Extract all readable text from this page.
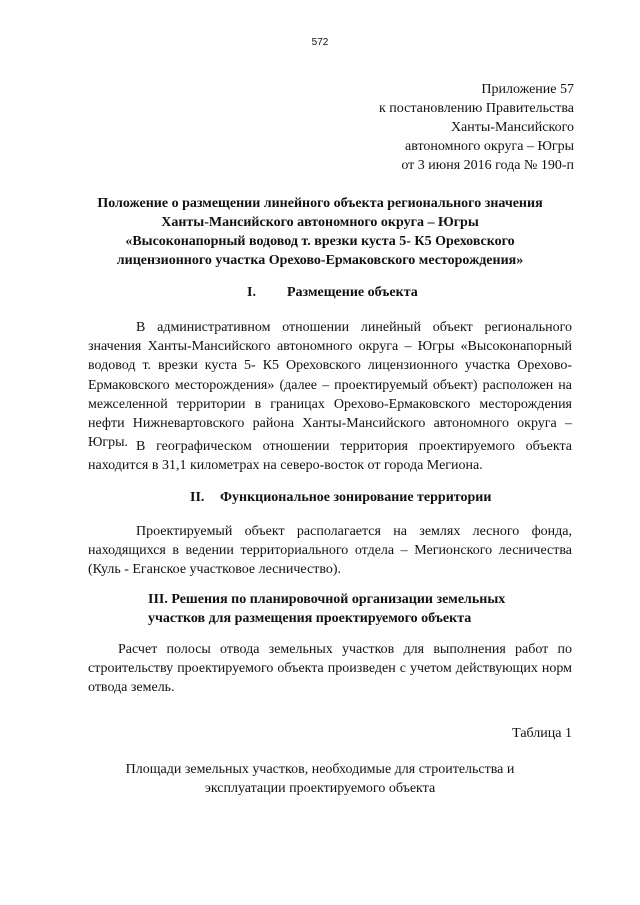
572
Приложение 57
к постановлению Правительства
Ханты-Мансийского
автономного округа – Югры
от 3 июня 2016 года № 190-п
Положение о размещении линейного объекта регионального значения
Ханты-Мансийского автономного округа – Югры
«Высоконапорный водовод т. врезки куста 5- К5 Ореховского
лицензионного участка Орехово-Ермаковского месторождения»
I. Размещение объекта

В административном отношении линейный объект регионального значения Ханты-Мансийского автономного округа – Югры «Высоконапорный водовод т. врезки куста 5- К5 Ореховского лицензионного участка Орехово-Ермаковского месторождения» (далее – проектируемый объект) расположен на межселенной территории в границах Орехово-Ермаковского месторождения нефти Нижневартовского района Ханты-Мансийского автономного округа – Югры. В географическом отношении территория проектируемого объекта находится в 31,1 километрах на северо-восток от города Мегиона.

II. Функциональное зонирование территории

Проектируемый объект располагается на землях лесного фонда, находящихся в ведении территориального отдела – Мегионского лесничества (Куль - Еганское участковое лесничество).

III. Решения по планировочной организации земельных
участков для размещения проектируемого объекта

Расчет полосы отвода земельных участков для выполнения работ по строительству проектируемого объекта произведен с учетом действующих норм отвода земель.

Таблица 1
Площади земельных участков, необходимые для строительства и
эксплуатации проектируемого объекта
